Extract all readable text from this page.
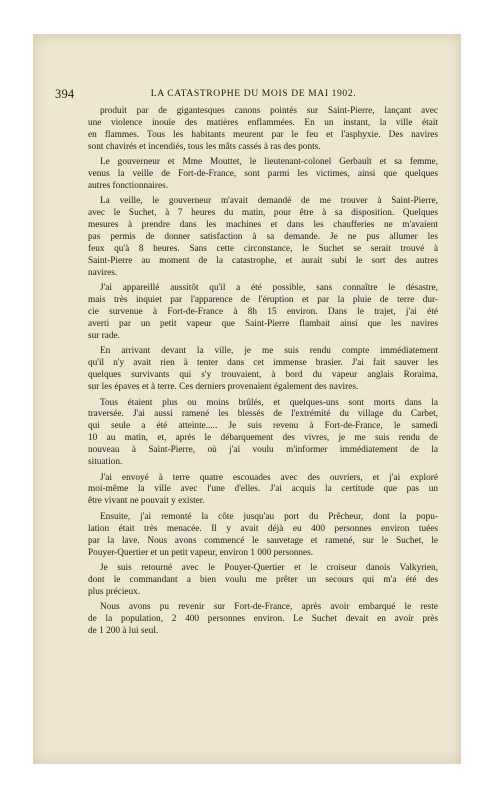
394	LA CATASTROPHE DU MOIS DE MAI 1902.
produit par de gigantesques canons pointés sur Saint-Pierre, lançant avec
une violence inouïe des matières enflammées. En un instant, la ville était
en flammes. Tous les habitants meurent par le feu et l'asphyxie. Des navires
sont chavirés et incendiés, tous les mâts cassés à ras des ponts.
Le gouverneur et Mme Mouttet, le lieutenant-colonel Gerbault et sa femme,
venus la veille de Fort-de-France, sont parmi les victimes, ainsi que quelques
autres fonctionnaires.
La veille, le gouverneur m'avait demandé de me trouver à Saint-Pierre,
avec le Suchet, à 7 heures du matin, pour être à sa disposition. Quelques
mesures à prendre dans les machines et dans les chaufferies ne m'avaient
pas permis de donner satisfaction à sa demande. Je ne pus allumer les
feux qu'à 8 heures. Sans cette circonstance, le Suchet se serait trouvé à
Saint-Pierre au moment de la catastrophe, et aurait subi le sort des autres
navires.
J'ai appareillé aussitôt qu'il a été possible, sans connaître le désastre,
mais très inquiet par l'apparence de l'éruption et par la pluie de terre dur-
cie survenue à Fort-de-France à 8h 15 environ. Dans le trajet, j'ai été
averti par un petit vapeur que Saint-Pierre flambait ainsi que les navires
sur rade.
En arrivant devant la ville, je me suis rendu compte immédiatement
qu'il n'y avait rien à tenter dans cet immense brasier. J'ai fait sauver les
quelques survivants qui s'y trouvaient, à bord du vapeur anglais Roraima,
sur les épaves et à terre. Ces derniers provenaient également des navires.
Tous étaient plus ou moins brûlés, et quelques-uns sont morts dans la
traversée. J'ai aussi ramené les blessés de l'extrémité du village du Carbet,
qui seule a été atteinte..... Je suis revenu à Fort-de-France, le samedi
10 au matin, et, après le débarquement des vivres, je me suis rendu de
nouveau à Saint-Pierre, où j'ai voulu m'informer immédiatement de la
situation.
J'ai envoyé à terre quatre escouades avec des ouvriers, et j'ai exploré
moi-même la ville avec l'une d'elles. J'ai acquis la certitude que pas un
être vivant ne pouvait y exister.
Ensuite, j'ai remonté la côte jusqu'au port du Prêcheur, dont la popu-
lation était très menacée. Il y avait déjà eu 400 personnes environ tuées
par la lave. Nous avons commencé le sauvetage et ramené, sur le Suchet, le
Pouyer-Quertier et un petit vapeur, environ 1 000 personnes.
Je suis retourné avec le Pouyer-Quertier et le croiseur danois Valkyrien,
dont le commandant a bien voulu me prêter un secours qui m'a été des
plus précieux.
Nous avons pu revenir sur Fort-de-France, après avoir embarqué le reste
de la population, 2 400 personnes environ. Le Suchet devait en avoir près
de 1 200 à lui seul.
